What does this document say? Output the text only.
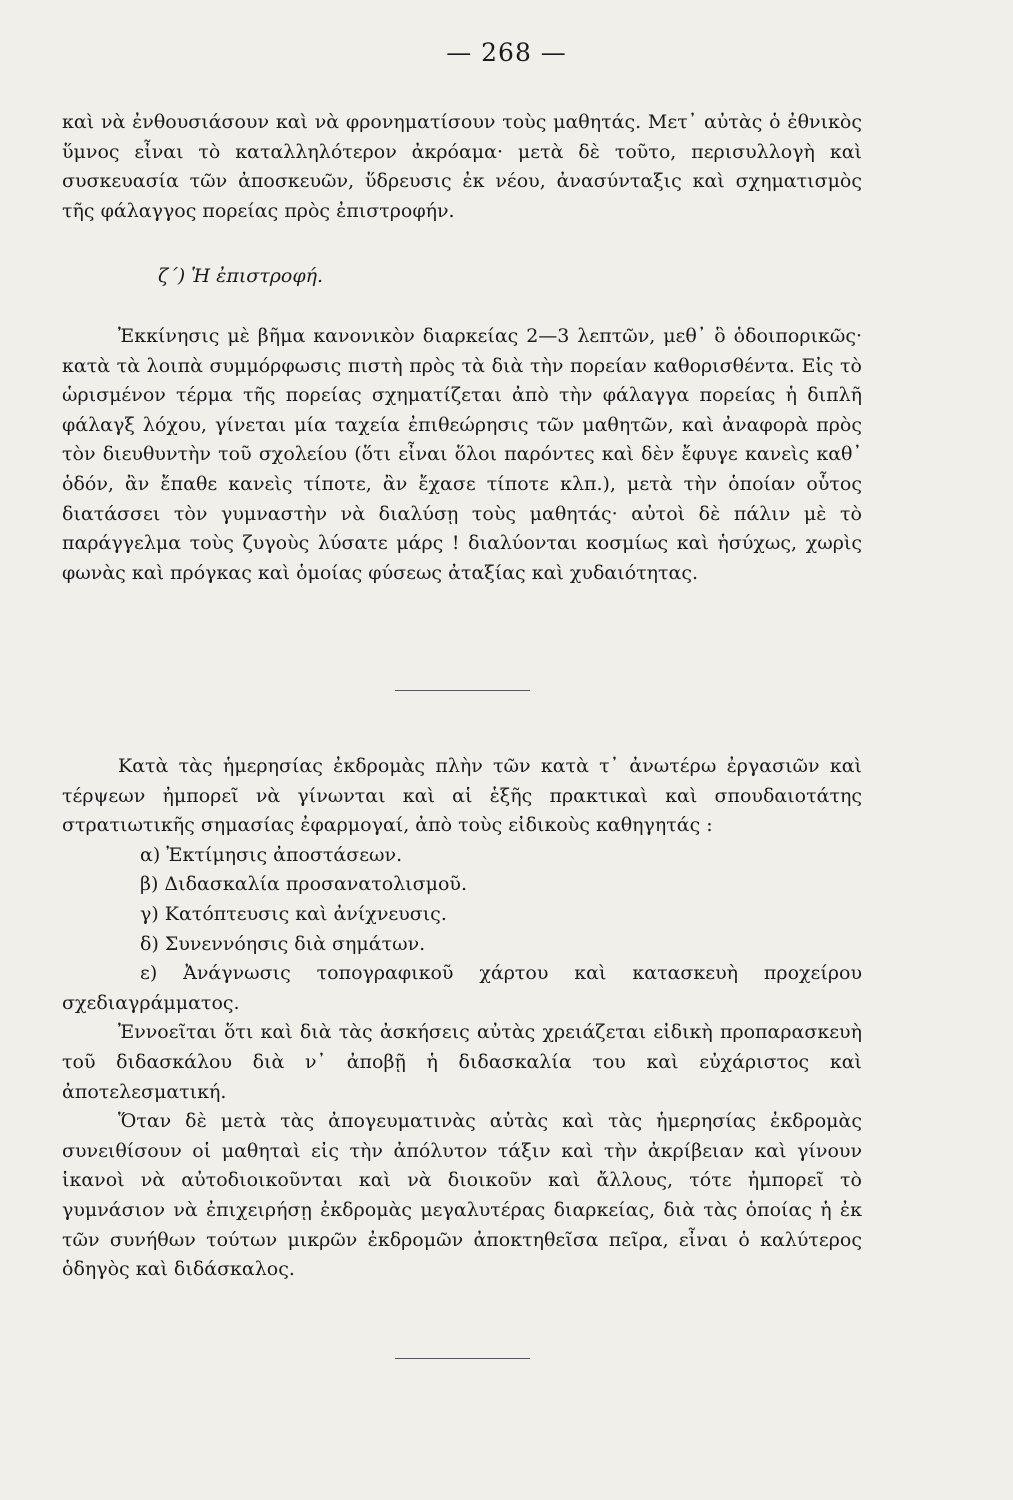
— 268 —

καὶ νὰ ἐνθουσιάσουν καὶ νὰ φρονηματίσουν τοὺς μαθητάς. Μετ᾽ αὐτὰς ὁ ἐθνικὸς ὕμνος εἶναι τὸ καταλληλότερον ἀκρόαμα· μετὰ δὲ τοῦτο, περισυλλογὴ καὶ συσκευασία τῶν ἀποσκευῶν, ὕδρευσις ἐκ νέου, ἀνασύνταξις καὶ σχηματισμὸς τῆς φάλαγγος πορείας πρὸς ἐπιστροφήν.

ζ΄) Ἡ ἐπιστροφή.

Ἐκκίνησις μὲ βῆμα κανονικὸν διαρκείας 2—3 λεπτῶν, μεθ᾽ ὃ ὁδοιπορικῶς· κατὰ τὰ λοιπὰ συμμόρφωσις πιστὴ πρὸς τὰ διὰ τὴν πορείαν καθορισθέντα. Εἰς τὸ ὡρισμένον τέρμα τῆς πορείας σχηματίζεται ἀπὸ τὴν φάλαγγα πορείας ἡ διπλῆ φάλαγξ λόχου, γίνεται μία ταχεία ἐπιθεώρησις τῶν μαθητῶν, καὶ ἀναφορὰ πρὸς τὸν διευθυντὴν τοῦ σχολείου (ὅτι εἶναι ὅλοι παρόντες καὶ δὲν ἔφυγε κανεὶς καθ᾽ ὁδόν, ἂν ἔπαθε κανεὶς τίποτε, ἂν ἔχασε τίποτε κλπ.), μετὰ τὴν ὁποίαν οὗτος διατάσσει τὸν γυμναστὴν νὰ διαλύσῃ τοὺς μαθητάς· αὐτοὶ δὲ πάλιν μὲ τὸ παράγγελμα τοὺς ζυγοὺς λύσατε μάρς ! διαλύονται κοσμίως καὶ ἡσύχως, χωρὶς φωνὰς καὶ πρόγκας καὶ ὁμοίας φύσεως ἀταξίας καὶ χυδαιότητας.

Κατὰ τὰς ἡμερησίας ἐκδρομὰς πλὴν τῶν κατὰ τ᾽ ἀνωτέρω ἐργασιῶν καὶ τέρψεων ἠμπορεῖ νὰ γίνωνται καὶ αἱ ἑξῆς πρακτικαὶ καὶ σπουδαιοτάτης στρατιωτικῆς σημασίας ἐφαρμογαί, ἀπὸ τοὺς εἰδικοὺς καθηγητάς :

α) Ἐκτίμησις ἀποστάσεων.

β) Διδασκαλία προσανατολισμοῦ.

γ) Κατόπτευσις καὶ ἀνίχνευσις.

δ) Συνεννόησις διὰ σημάτων.

ε) Ἀνάγνωσις τοπογραφικοῦ χάρτου καὶ κατασκευὴ προχείρου σχεδιαγράμματος.

Ἐννοεῖται ὅτι καὶ διὰ τὰς ἀσκήσεις αὐτὰς χρειάζεται εἰδικὴ προπαρασκευὴ τοῦ διδασκάλου διὰ ν᾽ ἀποβῇ ἡ διδασκαλία του καὶ εὐχάριστος καὶ ἀποτελεσματική.

Ὅταν δὲ μετὰ τὰς ἀπογευματινὰς αὐτὰς καὶ τὰς ἡμερησίας ἐκδρομὰς συνειθίσουν οἱ μαθηταὶ εἰς τὴν ἀπόλυτον τάξιν καὶ τὴν ἀκρίβειαν καὶ γίνουν ἱκανοὶ νὰ αὐτοδιοικοῦνται καὶ νὰ διοικοῦν καὶ ἄλλους, τότε ἠμπορεῖ τὸ γυμνάσιον νὰ ἐπιχειρήσῃ ἐκδρομὰς μεγαλυτέρας διαρκείας, διὰ τὰς ὁποίας ἡ ἐκ τῶν συνήθων τούτων μικρῶν ἐκδρομῶν ἀποκτηθεῖσα πεῖρα, εἶναι ὁ καλύτερος ὁδηγὸς καὶ διδάσκαλος.
